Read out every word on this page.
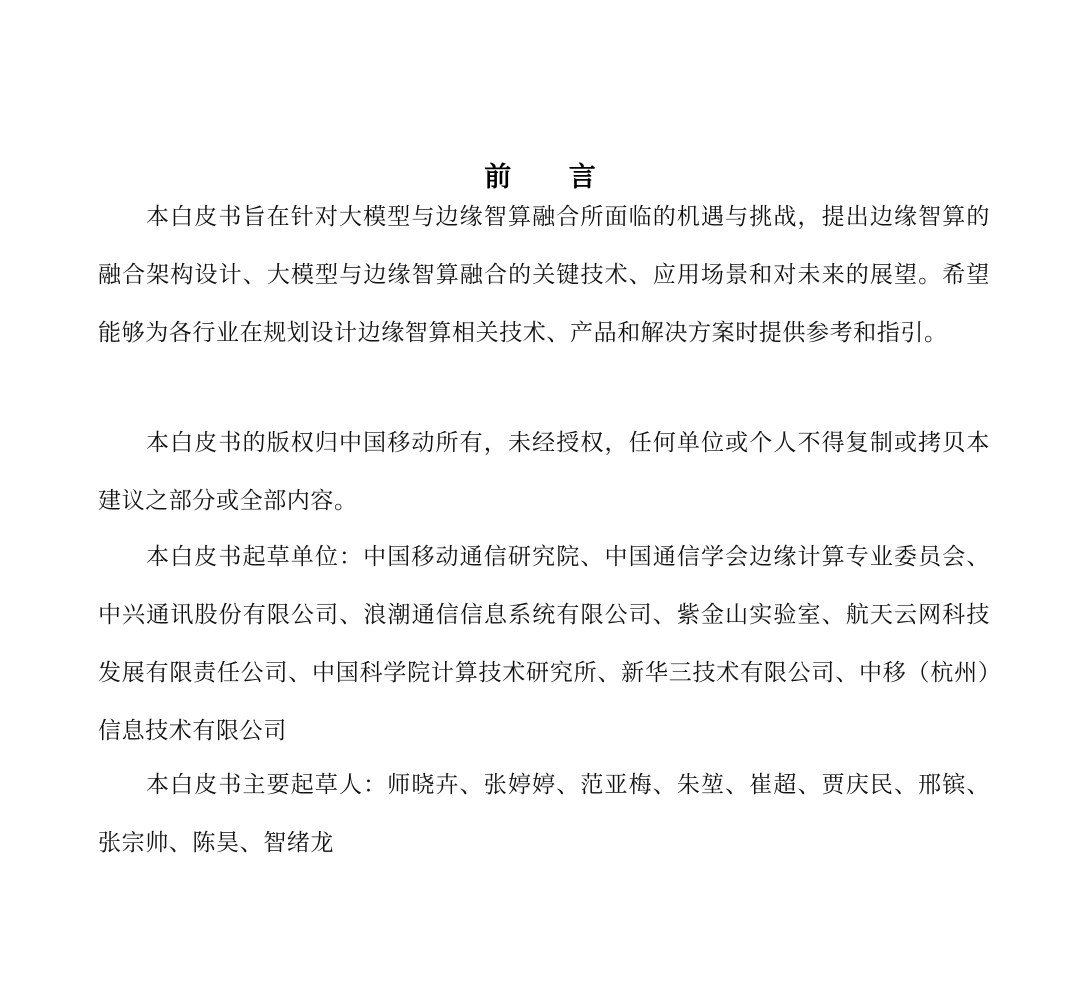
前 言

本白皮书旨在针对大模型与边缘智算融合所面临的机遇与挑战，提出边缘智算的融合架构设计、大模型与边缘智算融合的关键技术、应用场景和对未来的展望。希望能够为各行业在规划设计边缘智算相关技术、产品和解决方案时提供参考和指引。

本白皮书的版权归中国移动所有，未经授权，任何单位或个人不得复制或拷贝本建议之部分或全部内容。

本白皮书起草单位：中国移动通信研究院、中国通信学会边缘计算专业委员会、中兴通讯股份有限公司、浪潮通信信息系统有限公司、紫金山实验室、航天云网科技发展有限责任公司、中国科学院计算技术研究所、新华三技术有限公司、中移（杭州）信息技术有限公司

本白皮书主要起草人：师晓卉、张婷婷、范亚梅、朱堃、崔超、贾庆民、邢镔、张宗帅、陈昊、智绪龙
